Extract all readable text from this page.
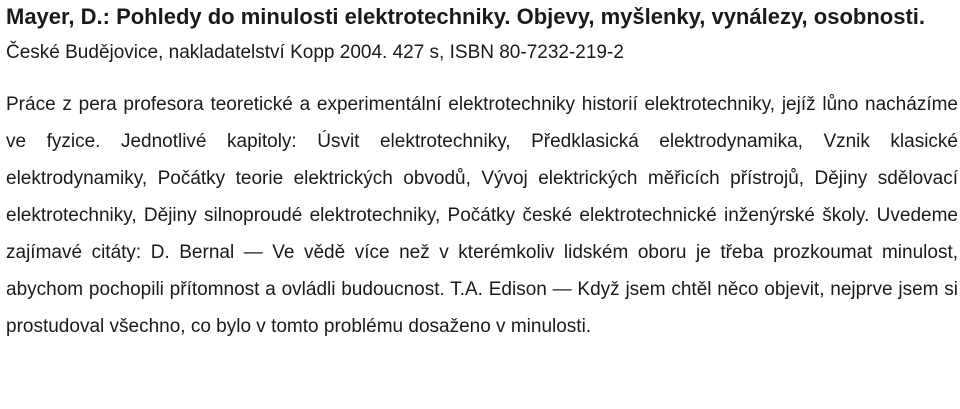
Mayer, D.: Pohledy do minulosti elektrotechniky. Objevy, myšlenky, vynálezy, osobnosti. České Budějovice, nakladatelství Kopp 2004. 427 s, ISBN 80-7232-219-2

Práce z pera profesora teoretické a experimentální elektrotechniky historií elektrotechniky, jejíž lůno nacházíme ve fyzice. Jednotlivé kapitoly: Úsvit elektrotechniky, Předklasická elektrodynamika, Vznik klasické elektrodynamiky, Počátky teorie elektrických obvodů, Vývoj elektrických měřicích přístrojů, Dějiny sdělovací elektrotechniky, Dějiny silnoproudé elektrotechniky, Počátky české elektrotechnické inženýrské školy. Uvedeme zajímavé citáty: D. Bernal — Ve vědě více než v kterémkoliv lidském oboru je třeba prozkoumat minulost, abychom pochopili přítomnost a ovládli budoucnost. T.A. Edison — Když jsem chtěl něco objevit, nejprve jsem si prostudoval všechno, co bylo v tomto problému dosaženo v minulosti.
